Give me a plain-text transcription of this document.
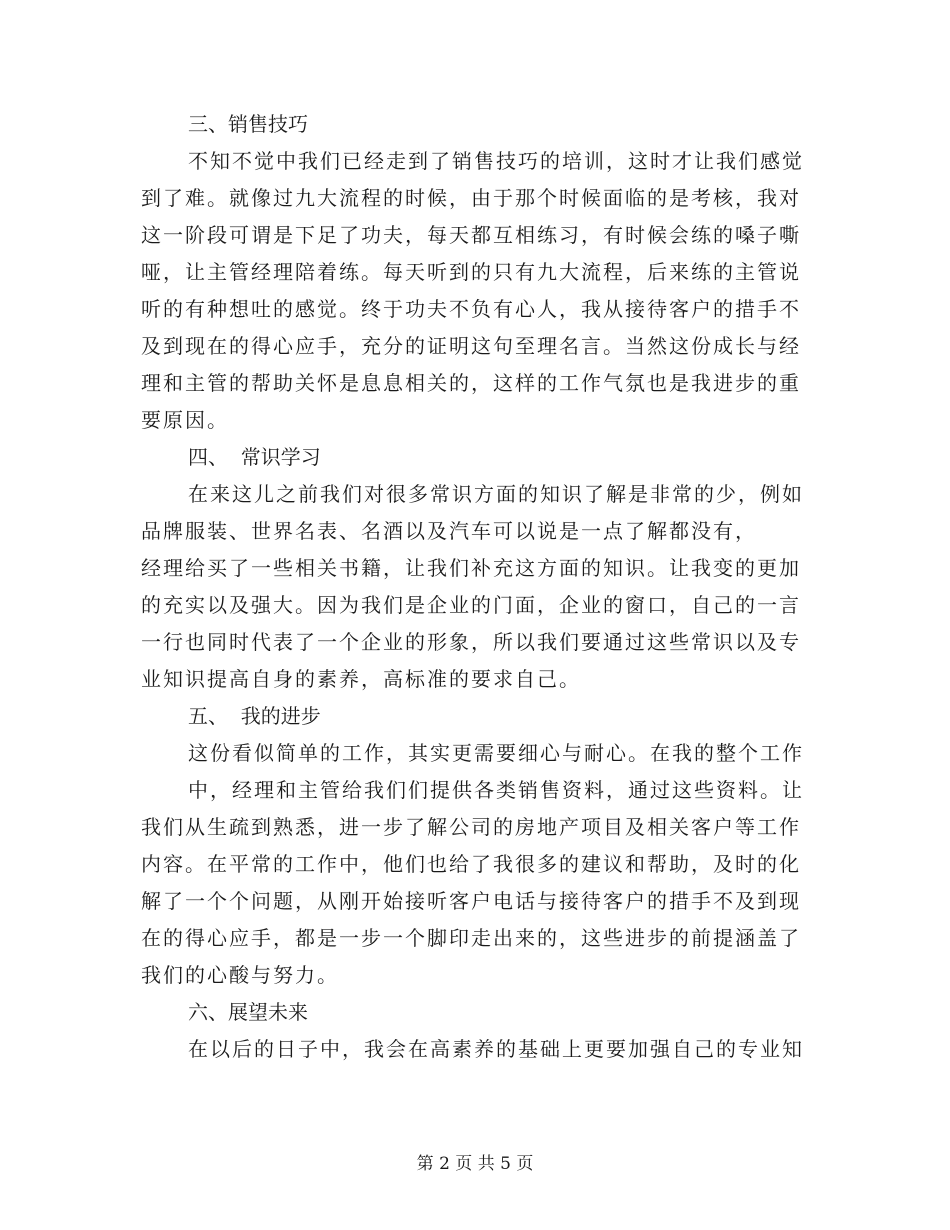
三、销售技巧

不知不觉中我们已经走到了销售技巧的培训，这时才让我们感觉
到了难。就像过九大流程的时候，由于那个时候面临的是考核，我对
这一阶段可谓是下足了功夫，每天都互相练习，有时候会练的嗓子嘶
哑，让主管经理陪着练。每天听到的只有九大流程，后来练的主管说
听的有种想吐的感觉。终于功夫不负有心人，我从接待客户的措手不
及到现在的得心应手，充分的证明这句至理名言。当然这份成长与经
理和主管的帮助关怀是息息相关的，这样的工作气氛也是我进步的重
要原因。

四、  常识学习

在来这儿之前我们对很多常识方面的知识了解是非常的少，例如
品牌服装、世界名表、名酒以及汽车可以说是一点了解都没有，
经理给买了一些相关书籍，让我们补充这方面的知识。让我变的更加
的充实以及强大。因为我们是企业的门面，企业的窗口，自己的一言
一行也同时代表了一个企业的形象，所以我们要通过这些常识以及专
业知识提高自身的素养，高标准的要求自己。

五、  我的进步

这份看似简单的工作，其实更需要细心与耐心。在我的整个工作
中，经理和主管给我们们提供各类销售资料，通过这些资料。让
我们从生疏到熟悉，进一步了解公司的房地产项目及相关客户等工作
内容。在平常的工作中，他们也给了我很多的建议和帮助，及时的化
解了一个个问题，从刚开始接听客户电话与接待客户的措手不及到现
在的得心应手，都是一步一个脚印走出来的，这些进步的前提涵盖了
我们的心酸与努力。

六、展望未来

在以后的日子中，我会在高素养的基础上更要加强自己的专业知
第 2 页 共 5 页
